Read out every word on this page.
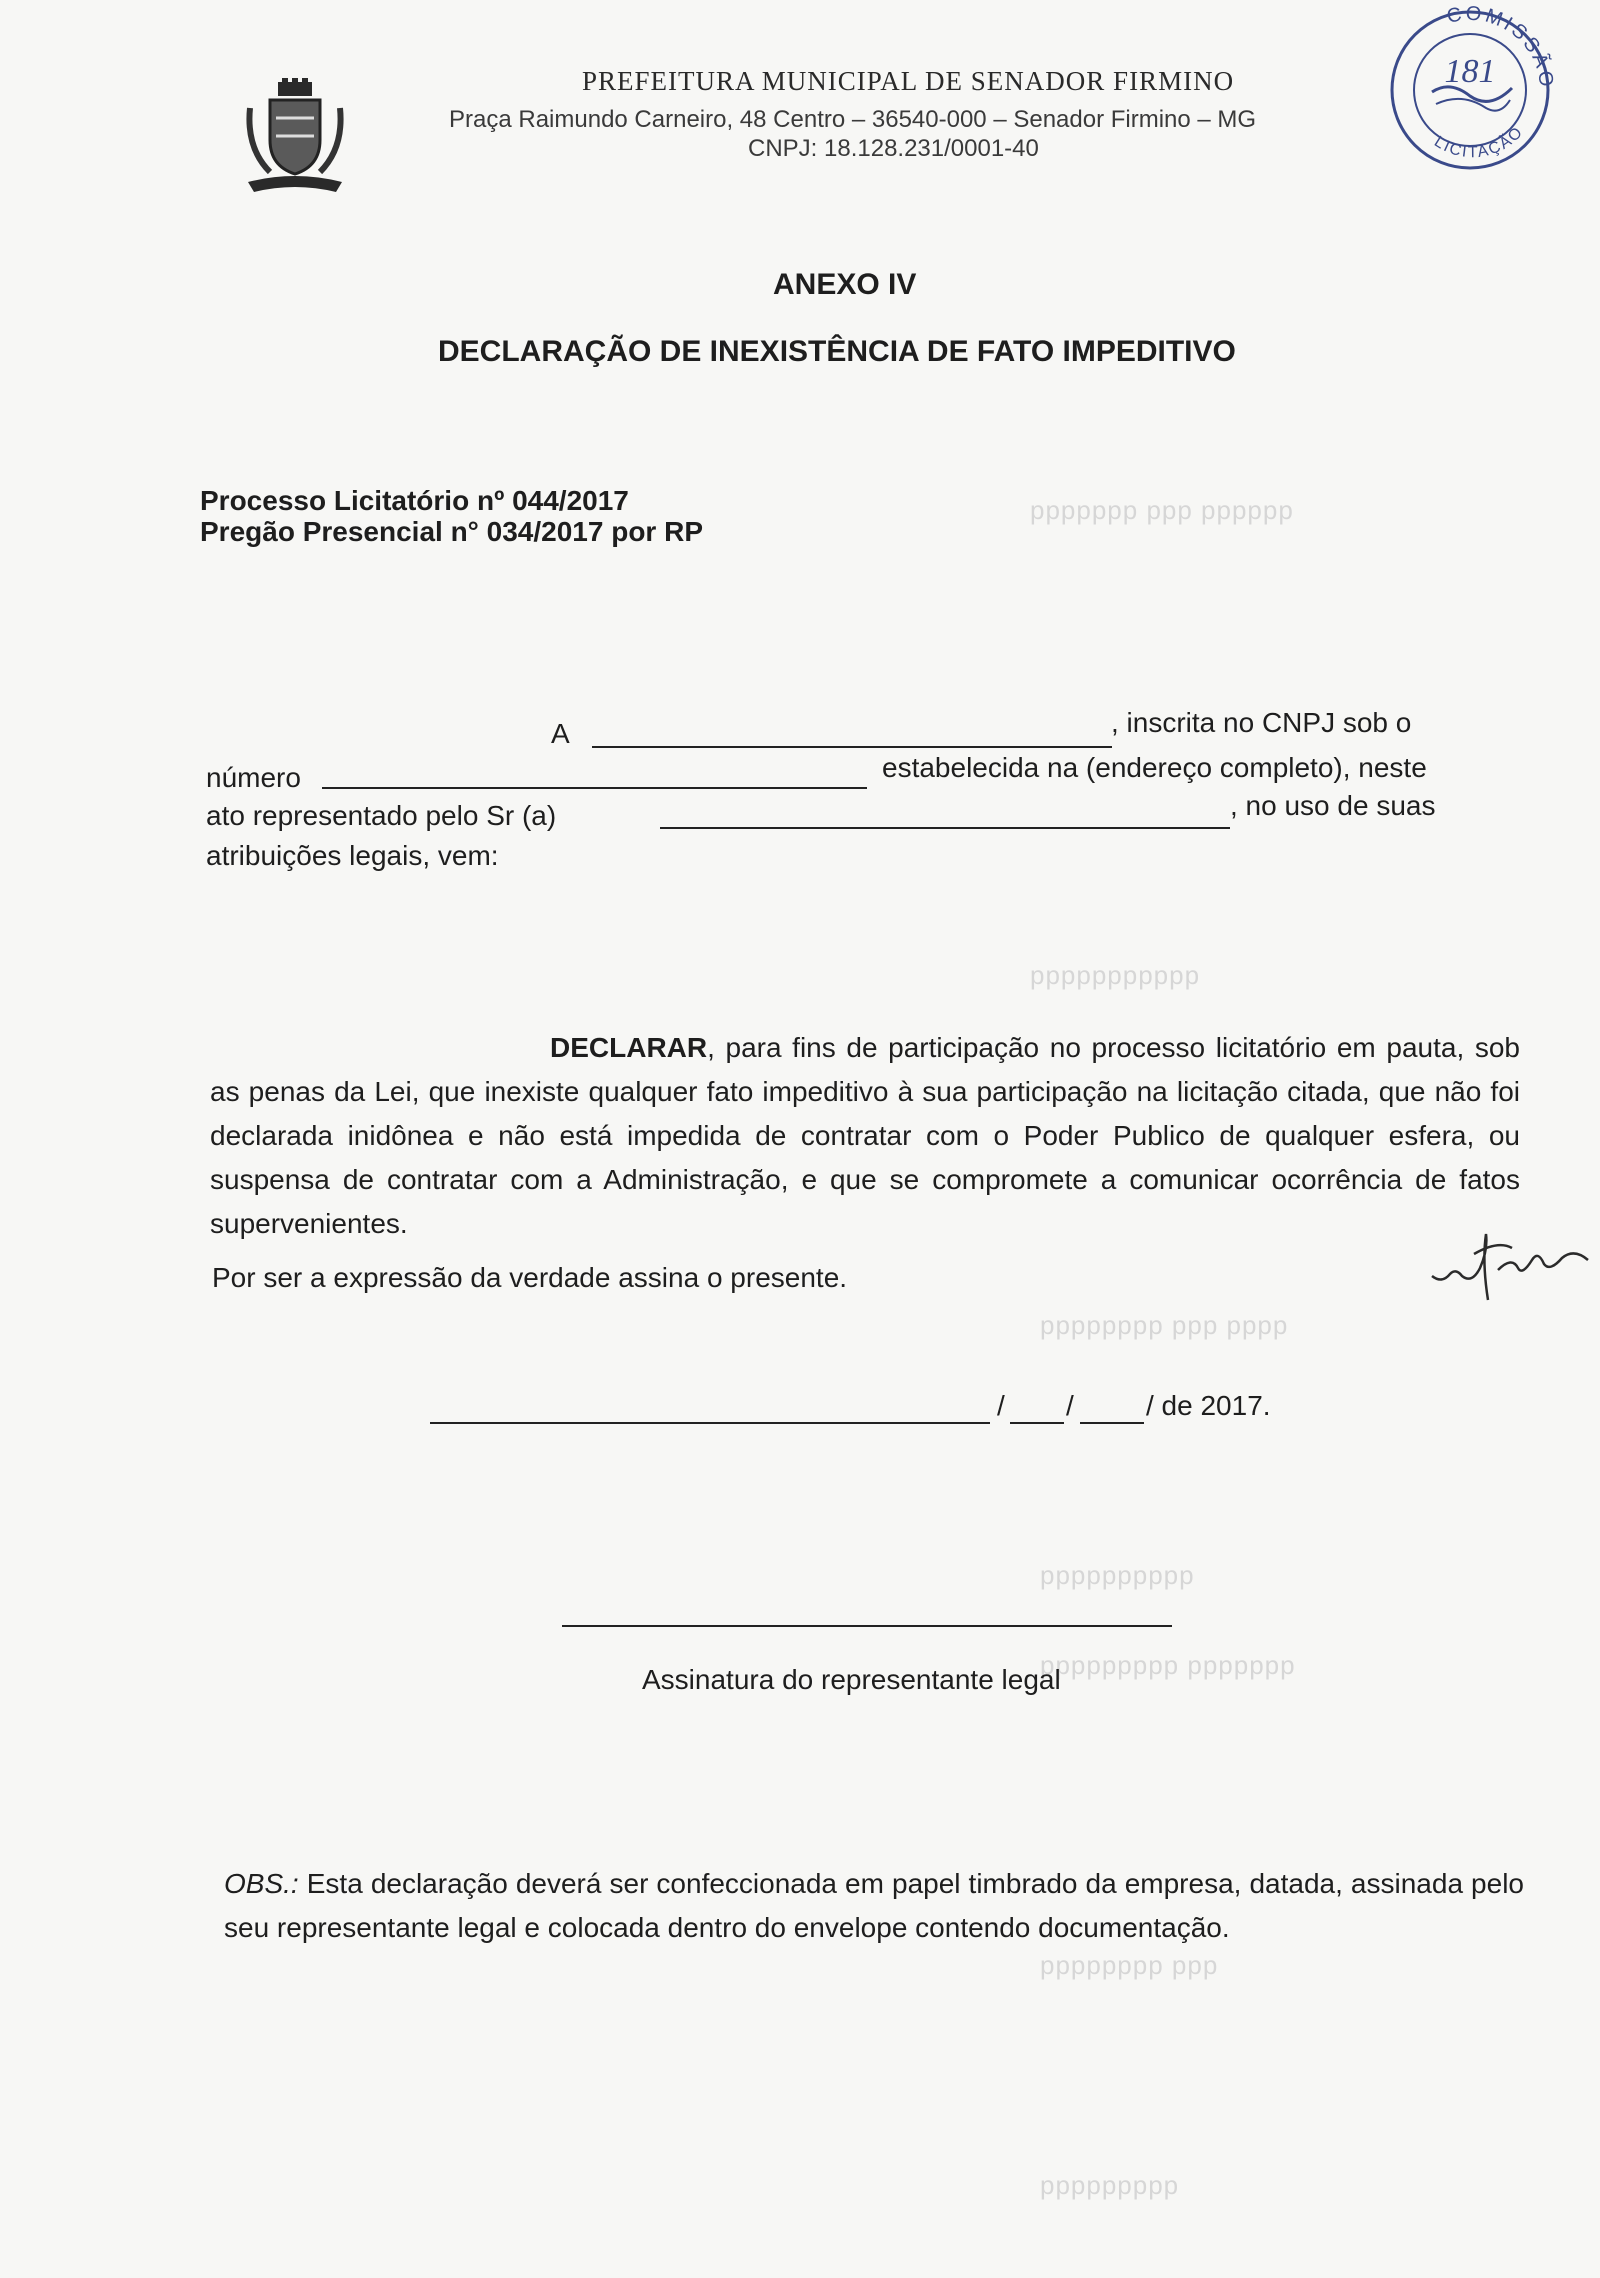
ppppppp ppp pppppp
ppppppppppp
pppppppp ppp pppp
pppppppppp
ppppppppp ppppppp
pppppppp ppp
ppppppppp
PREFEITURA MUNICIPAL DE SENADOR FIRMINO
Praça Raimundo Carneiro, 48 Centro – 36540-000 – Senador Firmino – MG
CNPJ: 18.128.231/0001-40
COMISSÃO
181
LICITAÇÃO
ANEXO IV
DECLARAÇÃO DE INEXISTÊNCIA DE FATO IMPEDITIVO
Processo Licitatório nº 044/2017
Pregão Presencial n° 034/2017 por RP
A	, inscrita no CNPJ sob o
número	estabelecida na (endereço completo), neste
ato representado pelo Sr (a)	, no uso de suas
atribuições legais, vem:
DECLARAR, para fins de participação no processo licitatório em pauta, sob as penas da Lei, que inexiste qualquer fato impeditivo à sua participação na licitação citada, que não foi declarada inidônea e não está impedida de contratar com o Poder Publico de qualquer esfera, ou suspensa de contratar com a Administração, e que se compromete a comunicar ocorrência de fatos supervenientes.
Por ser a expressão da verdade assina o presente.
/ /	/ de 2017.
Assinatura do representante legal
OBS.: Esta declaração deverá ser confeccionada em papel timbrado da empresa, datada, assinada pelo seu representante legal e colocada dentro do envelope contendo documentação.
